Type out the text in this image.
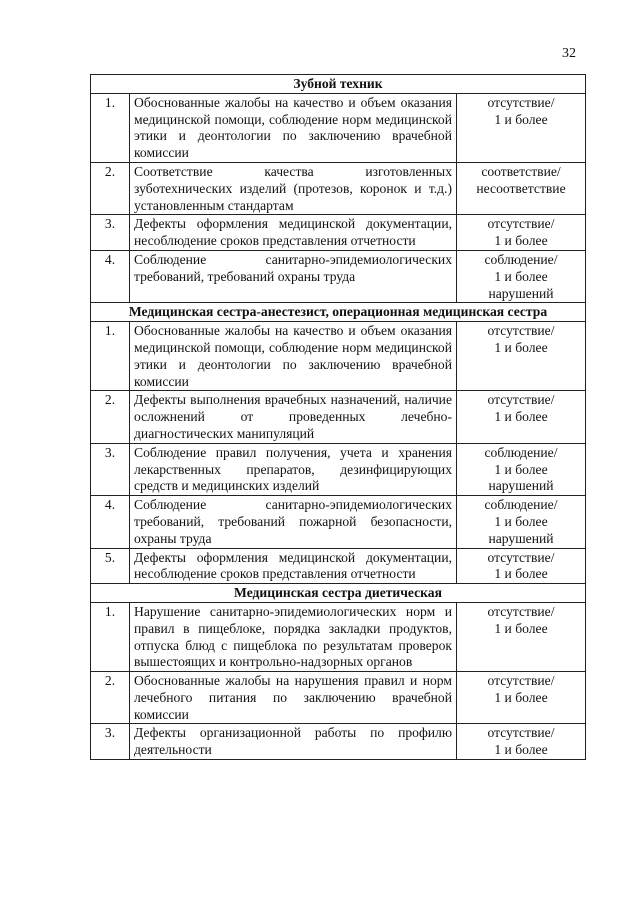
32
Зубной техник		
1.	Обоснованные жалобы на качество и объем оказания медицинской помощи, соблюдение норм медицинской этики и деонтологии по заключению врачебной комиссии	отсутствие/
1 и более

2.	Соответствие качества изготовленных зуботехнических изделий (протезов, коронок и т.д.) установленным стандартам	соответствие/
несоответствие

3.	Дефекты оформления медицинской документации, несоблюдение сроков представления отчетности	отсутствие/
1 и более

4.	Соблюдение санитарно-эпидемиологических требований, требований охраны труда	соблюдение/
1 и более
нарушений

Медицинская сестра-анестезист, операционная медицинская сестра		
1.	Обоснованные жалобы на качество и объем оказания медицинской помощи, соблюдение норм медицинской этики и деонтологии по заключению врачебной комиссии	отсутствие/
1 и более

2.	Дефекты выполнения врачебных назначений, наличие осложнений от проведенных лечебно-диагностических манипуляций	отсутствие/
1 и более

3.	Соблюдение правил получения, учета и хранения лекарственных препаратов, дезинфицирующих средств и медицинских изделий	соблюдение/
1 и более
нарушений

4.	Соблюдение санитарно-эпидемиологических требований, требований пожарной безопасности, охраны труда	соблюдение/
1 и более
нарушений

5.	Дефекты оформления медицинской документации, несоблюдение сроков представления отчетности	отсутствие/
1 и более

Медицинская сестра диетическая		
1.	Нарушение санитарно-эпидемиологических норм и правил в пищеблоке, порядка закладки продуктов, отпуска блюд с пищеблока по результатам проверок вышестоящих и контрольно-надзорных органов	отсутствие/
1 и более

2.	Обоснованные жалобы на нарушения правил и норм лечебного питания по заключению врачебной комиссии	отсутствие/
1 и более

3.	Дефекты организационной работы по профилю деятельности	отсутствие/
1 и более
